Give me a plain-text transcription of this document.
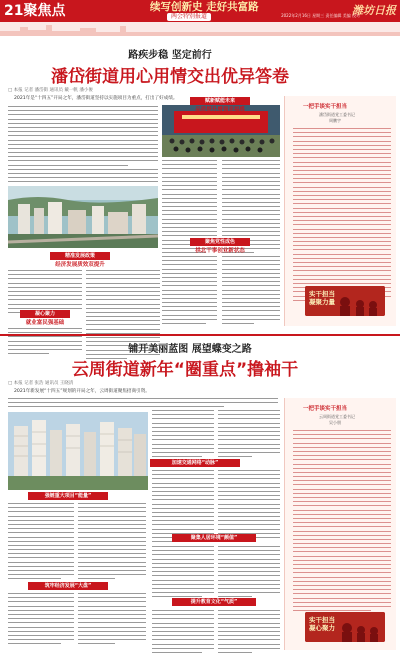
21聚焦点	续写创新史 走好共富路
两会特别报道	2022年2月16日 星期三 责任编辑 美编 校对
潍坊日报
路疾步稳 坚定前行
潘岱街道用心用情交出优异答卷
□ 本报 记者 潘岱街 通讯员 戴一帆 潘小俊
2021年是“十四五”开局之年，潘岱街道坚持以实施项目为重点，打出了好成绩。	赋新赋能未来
品质提升增强幸福感
精准发展政策
经济发展质效双提升
凝心聚力
就业富民强基础
聚焦党性成色
拱北干事创业新状态
一把手谈实干担当
潘岱街道党工委书记
周鹏宇
实干担当 凝聚力量
铺开美丽蓝图 展望蝶变之路
云周街道新年“圈重点”撸袖干
□ 本报 记者 张浩 通讯员 王晓清
2021年新发展“十四五”规划的开局之年，云周街道聚焦招商引资。
加速交通网络“动脉”
强链重大项目“能量”
聚集人居环境“颜值”
筑牢经济发展“大盘”
提升教育文化“气质”
一把手谈实干担当
云周街道党工委书记
吴小朋
实干担当 凝心聚力
